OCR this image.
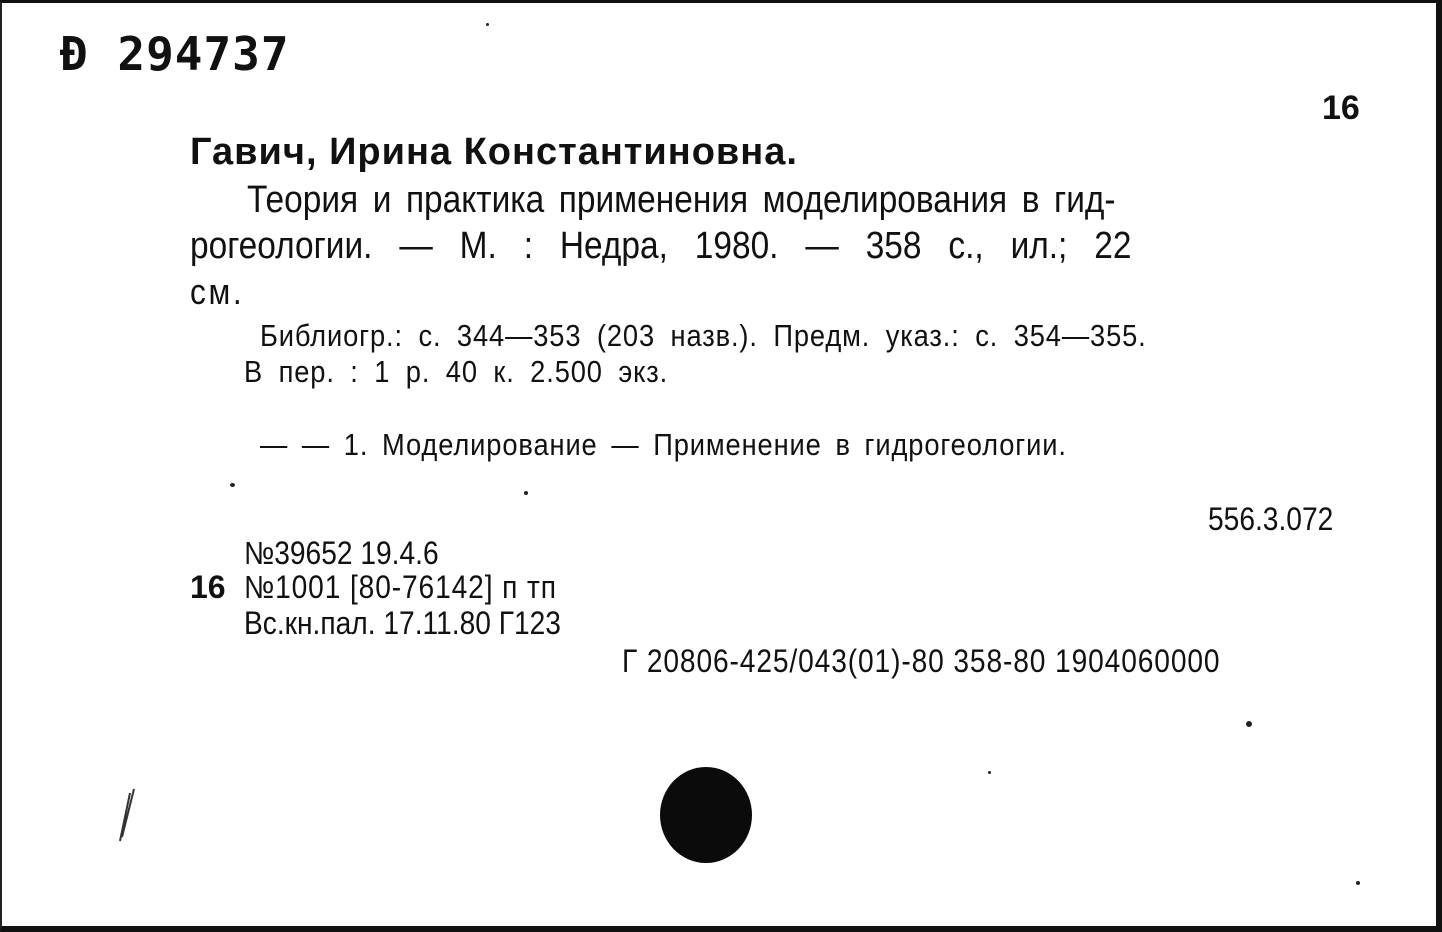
Ð 294737
16
Гавич, Ирина Константиновна.
Теория и практика применения моделирования в гид-
рогеологии. — М. : Недра, 1980. — 358 с., ил.; 22
см.
Библиогр.: с. 344—353 (203 назв.). Предм. указ.: с. 354—355.
В пер. : 1 р. 40 к. 2.500 экз.
— — 1. Моделирование — Применение в гидрогеологии.
556.3.072
№39652 19.4.6
16 №1001 [80-76142] п тп
Вс.кн.пал. 17.11.80 Г123
Г 20806-425/043(01)-80 358-80 1904060000
